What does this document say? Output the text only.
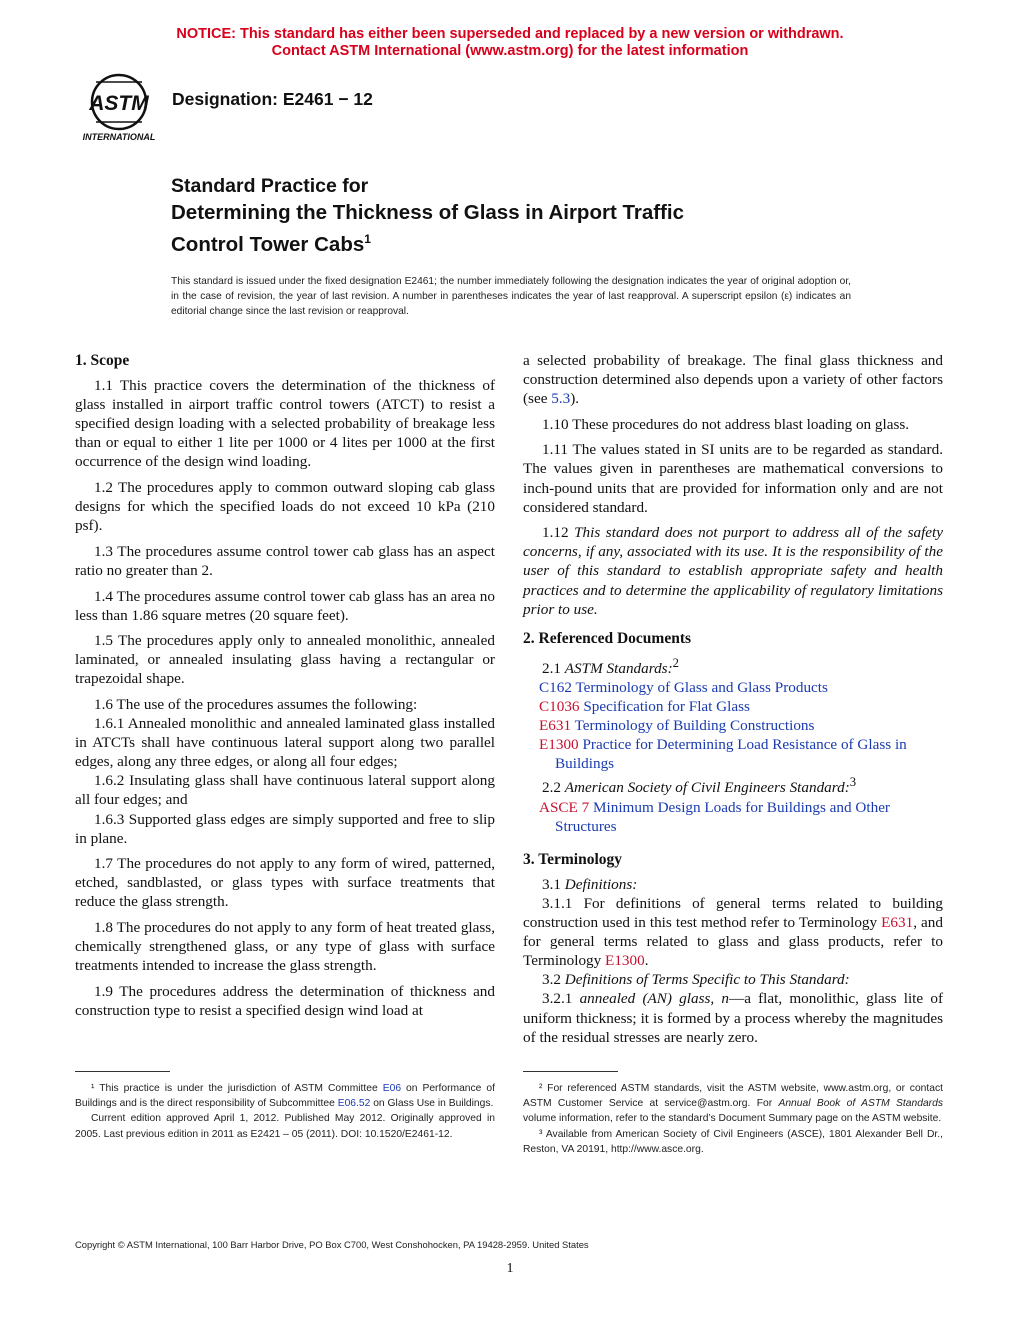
NOTICE: This standard has either been superseded and replaced by a new version or withdrawn.
Contact ASTM International (www.astm.org) for the latest information
ASTM
INTERNATIONAL
Designation: E2461 − 12
Standard Practice for
Determining the Thickness of Glass in Airport Traffic
Control Tower Cabs$^1$
This standard is issued under the fixed designation E2461; the number immediately following the designation indicates the year of original adoption or, in the case of revision, the year of last revision. A number in parentheses indicates the year of last reapproval. A superscript epsilon (ε) indicates an editorial change since the last revision or reapproval.
1. Scope

1.1 This practice covers the determination of the thickness of glass installed in airport traffic control towers (ATCT) to resist a specified design loading with a selected probability of breakage less than or equal to either 1 lite per 1000 or 4 lites per 1000 at the first occurrence of the design wind loading.

1.2 The procedures apply to common outward sloping cab glass designs for which the specified loads do not exceed 10 kPa (210 psf).

1.3 The procedures assume control tower cab glass has an aspect ratio no greater than 2.

1.4 The procedures assume control tower cab glass has an area no less than 1.86 square metres (20 square feet).

1.5 The procedures apply only to annealed monolithic, annealed laminated, or annealed insulating glass having a rectangular or trapezoidal shape.

1.6 The use of the procedures assumes the following:

1.6.1 Annealed monolithic and annealed laminated glass installed in ATCTs shall have continuous lateral support along two parallel edges, along any three edges, or along all four edges;

1.6.2 Insulating glass shall have continuous lateral support along all four edges; and

1.6.3 Supported glass edges are simply supported and free to slip in plane.

1.7 The procedures do not apply to any form of wired, patterned, etched, sandblasted, or glass types with surface treatments that reduce the glass strength.

1.8 The procedures do not apply to any form of heat treated glass, chemically strengthened glass, or any type of glass with surface treatments intended to increase the glass strength.

1.9 The procedures address the determination of thickness and construction type to resist a specified design wind load at

a selected probability of breakage. The final glass thickness and construction determined also depends upon a variety of other factors (see 5.3).

1.10 These procedures do not address blast loading on glass.

1.11 The values stated in SI units are to be regarded as standard. The values given in parentheses are mathematical conversions to inch-pound units that are provided for information only and are not considered standard.

1.12 This standard does not purport to address all of the safety concerns, if any, associated with its use. It is the responsibility of the user of this standard to establish appropriate safety and health practices and to determine the applicability of regulatory limitations prior to use.

2. Referenced Documents

2.1 ASTM Standards:$^2$

C162 Terminology of Glass and Glass Products

C1036 Specification for Flat Glass

E631 Terminology of Building Constructions

E1300 Practice for Determining Load Resistance of Glass in Buildings

2.2 American Society of Civil Engineers Standard:$^3$

ASCE 7 Minimum Design Loads for Buildings and Other Structures

3. Terminology

3.1 Definitions:

3.1.1 For definitions of general terms related to building construction used in this test method refer to Terminology E631, and for general terms related to glass and glass products, refer to Terminology E1300.

3.2 Definitions of Terms Specific to This Standard:

3.2.1 annealed (AN) glass, n—a flat, monolithic, glass lite of uniform thickness; it is formed by a process whereby the magnitudes of the residual stresses are nearly zero.

¹ This practice is under the jurisdiction of ASTM Committee E06 on Performance of Buildings and is the direct responsibility of Subcommittee E06.52 on Glass Use in Buildings.

Current edition approved April 1, 2012. Published May 2012. Originally approved in 2005. Last previous edition in 2011 as E2421 – 05 (2011). DOI: 10.1520/E2461-12.

² For referenced ASTM standards, visit the ASTM website, www.astm.org, or contact ASTM Customer Service at service@astm.org. For Annual Book of ASTM Standards volume information, refer to the standard’s Document Summary page on the ASTM website.

³ Available from American Society of Civil Engineers (ASCE), 1801 Alexander Bell Dr., Reston, VA 20191, http://www.asce.org.

Copyright © ASTM International, 100 Barr Harbor Drive, PO Box C700, West Conshohocken, PA 19428-2959. United States
1
